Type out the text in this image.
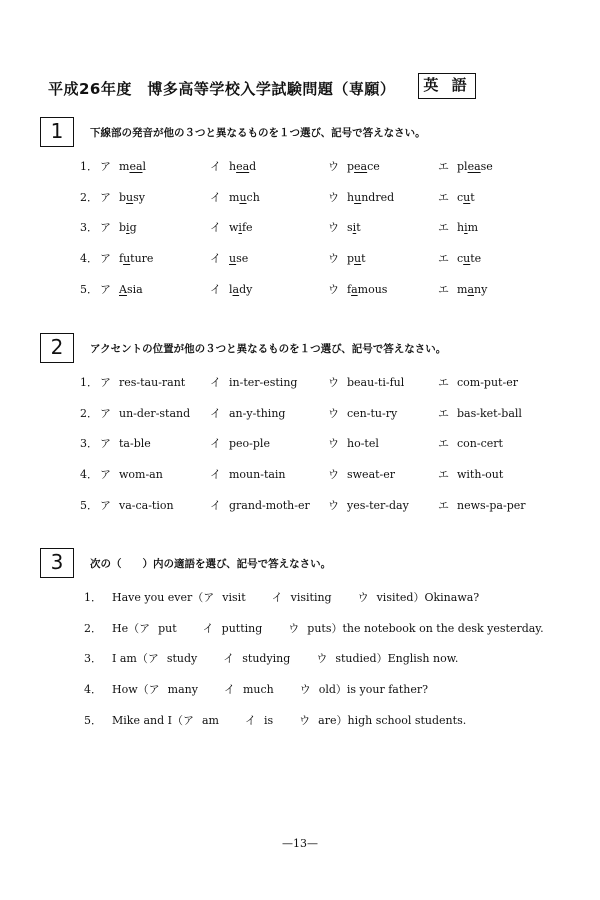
平成26年度　博多高等学校入学試験問題（専願）	英 語
1	下線部の発音が他の３つと異なるものを１つ選び、記号で答えなさい。
1． ア meal	イ head	ウ peace	エ please
2． ア busy	イ much	ウ hundred	エ cut
3． ア big	イ wife	ウ sit	エ him
4． ア future	イ use	ウ put	エ cute
5． ア Asia	イ lady	ウ famous	エ many
2	アクセントの位置が他の３つと異なるものを１つ選び、記号で答えなさい。
1． ア res-tau-rant イ in-ter-esting	ウ beau-ti-ful	エ com-put-er
2． ア un-der-stand イ an-y-thing	ウ cen-tu-ry	エ bas-ket-ball
3． ア ta-ble	イ peo-ple	ウ ho-tel	エ con-cert
4． ア wom-an	イ moun-tain	ウ sweat-er	エ with-out
5． ア va-ca-tion	イ grand-moth-er ウ yes-ter-day	エ news-pa-per
3	次の（　　）内の適語を選び、記号で答えなさい。
1． Have you ever（ア visit イ visiting ウ visited）Okinawa?
2． He（ア put イ putting ウ puts）the notebook on the desk yesterday.
3． I am（ア study イ studying ウ studied）English now.
4． How（ア many イ much ウ old）is your father?
5． Mike and I（ア am イ is ウ are）high school students.
—13—
